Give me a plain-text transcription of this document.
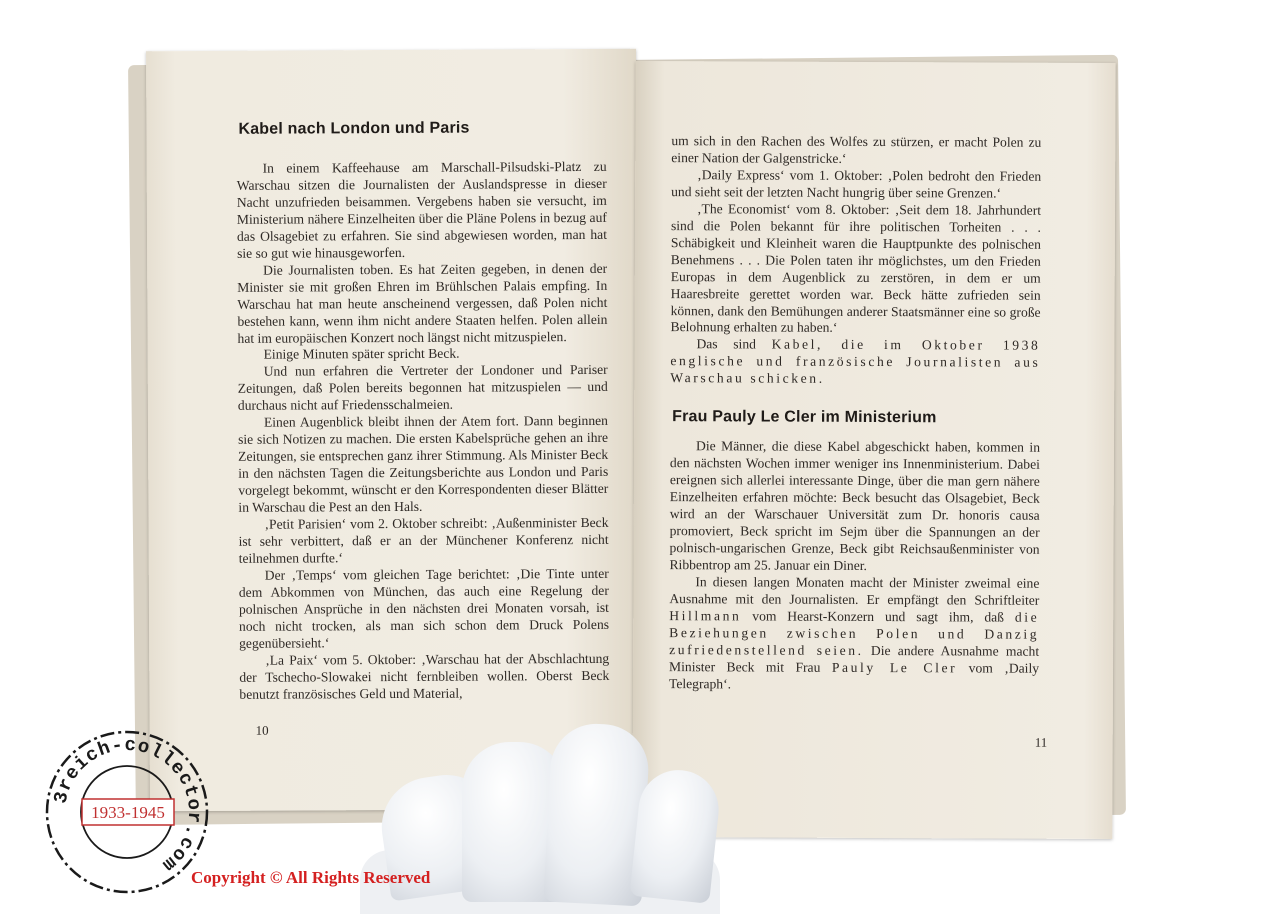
Kabel nach London und Paris

In einem Kaffeehause am Marschall-Pilsudski-Platz zu Warschau sitzen die Journalisten der Auslandspresse in dieser Nacht unzufrieden beisammen. Vergebens haben sie versucht, im Ministerium nähere Einzelheiten über die Pläne Polens in bezug auf das Olsagebiet zu erfahren. Sie sind abgewiesen worden, man hat sie so gut wie hinausgeworfen.

Die Journalisten toben. Es hat Zeiten gegeben, in denen der Minister sie mit großen Ehren im Brühlschen Palais empfing. In Warschau hat man heute anscheinend vergessen, daß Polen nicht bestehen kann, wenn ihm nicht andere Staaten helfen. Polen allein hat im europäischen Konzert noch längst nicht mitzuspielen.

Einige Minuten später spricht Beck.

Und nun erfahren die Vertreter der Londoner und Pariser Zeitungen, daß Polen bereits begonnen hat mitzuspielen — und durchaus nicht auf Friedensschalmeien.

Einen Augenblick bleibt ihnen der Atem fort. Dann beginnen sie sich Notizen zu machen. Die ersten Kabelsprüche gehen an ihre Zeitungen, sie entsprechen ganz ihrer Stimmung. Als Minister Beck in den nächsten Tagen die Zeitungsberichte aus London und Paris vorgelegt bekommt, wünscht er den Korrespondenten dieser Blätter in Warschau die Pest an den Hals.

‚Petit Parisien‘ vom 2. Oktober schreibt: ‚Außenminister Beck ist sehr verbittert, daß er an der Münchener Konferenz nicht teilnehmen durfte.‘

Der ‚Temps‘ vom gleichen Tage berichtet: ‚Die Tinte unter dem Abkommen von München, das auch eine Regelung der polnischen Ansprüche in den nächsten drei Monaten vorsah, ist noch nicht trocken, als man sich schon dem Druck Polens gegenübersieht.‘

‚La Paix‘ vom 5. Oktober: ‚Warschau hat der Abschlachtung der Tschecho-Slowakei nicht fernbleiben wollen. Oberst Beck benutzt französisches Geld und Material,

10

um sich in den Rachen des Wolfes zu stürzen, er macht Polen zu einer Nation der Galgenstricke.‘

‚Daily Express‘ vom 1. Oktober: ‚Polen bedroht den Frieden und sieht seit der letzten Nacht hungrig über seine Grenzen.‘

‚The Economist‘ vom 8. Oktober: ‚Seit dem 18. Jahrhundert sind die Polen bekannt für ihre politischen Torheiten . . . Schäbigkeit und Kleinheit waren die Hauptpunkte des polnischen Benehmens . . . Die Polen taten ihr möglichstes, um den Frieden Europas in dem Augenblick zu zerstören, in dem er um Haaresbreite gerettet worden war. Beck hätte zufrieden sein können, dank den Bemühungen anderer Staatsmänner eine so große Belohnung erhalten zu haben.‘

Das sind Kabel, die im Oktober 1938 englische und französische Journalisten aus Warschau schicken.

Frau Pauly Le Cler im Ministerium

Die Männer, die diese Kabel abgeschickt haben, kommen in den nächsten Wochen immer weniger ins Innenministerium. Dabei ereignen sich allerlei interessante Dinge, über die man gern nähere Einzelheiten erfahren möchte: Beck besucht das Olsagebiet, Beck wird an der Warschauer Universität zum Dr. honoris causa promoviert, Beck spricht im Sejm über die Spannungen an der polnisch-ungarischen Grenze, Beck gibt Reichsaußenminister von Ribbentrop am 25. Januar ein Diner.

In diesen langen Monaten macht der Minister zweimal eine Ausnahme mit den Journalisten. Er empfängt den Schriftleiter Hillmann vom Hearst-Konzern und sagt ihm, daß die Beziehungen zwischen Polen und Danzig zufriedenstellend seien. Die andere Ausnahme macht Minister Beck mit Frau Pauly Le Cler vom ‚Daily Telegraph‘.

11
3reich-collector.com
1933-1945
Copyright © All Rights Reserved
